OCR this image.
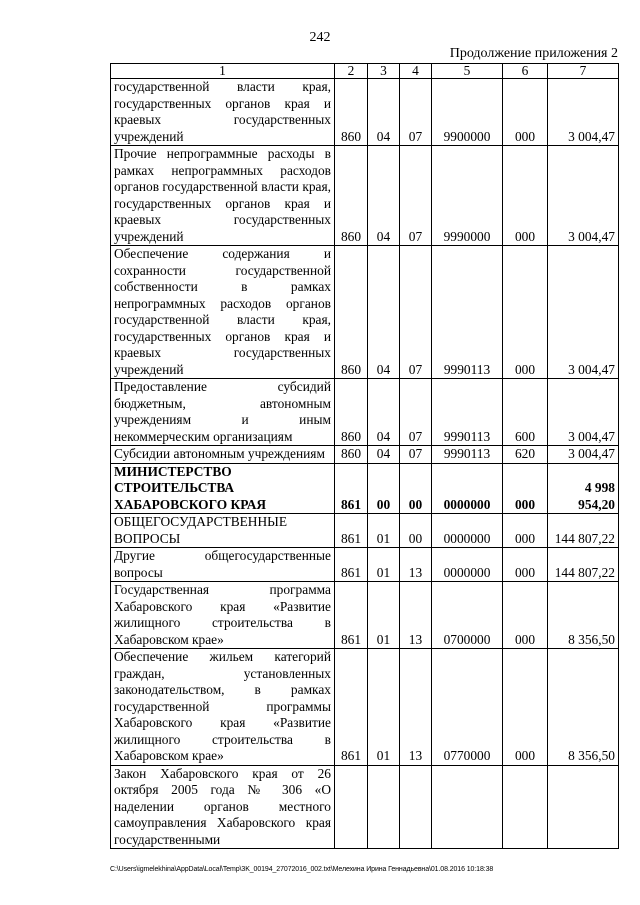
242
Продолжение приложения 2
1	2	3	4	5	6	7
государственной власти края, государственных органов края и краевых государственных учреждений	860	04	07	9900000	000	3 004,47
Прочие непрограммные расходы в рамках непрограммных расходов органов государственной власти края, государственных органов края и краевых государственных учреждений	860	04	07	9990000	000	3 004,47
Обеспечение содержания и сохранности государственной собственности в рамках непрограммных расходов органов государственной власти края, государственных органов края и краевых государственных учреждений	860	04	07	9990113	000	3 004,47
Предоставление субсидий бюджетным, автономным учреждениям и иным некоммерческим организациям	860	04	07	9990113	600	3 004,47
Субсидии автономным учреждениям	860	04	07	9990113	620	3 004,47
МИНИСТЕРСТВО СТРОИТЕЛЬСТВА ХАБАРОВСКОГО КРАЯ	861	00	00	0000000	000	4 998 954,20
ОБЩЕГОСУДАРСТВЕННЫЕ ВОПРОСЫ	861	01	00	0000000	000	144 807,22
Другие общегосударственные вопросы	861	01	13	0000000	000	144 807,22
Государственная программа Хабаровского края «Развитие жилищного строительства в Хабаровском крае»	861	01	13	0700000	000	8 356,50
Обеспечение жильем категорий граждан, установленных законодательством, в рамках государственной программы Хабаровского края «Развитие жилищного строительства в Хабаровском крае»	861	01	13	0770000	000	8 356,50
Закон Хабаровского края от 26 октября 2005 года № 306 «О наделении органов местного самоуправления Хабаровского края государственными						
C:\Users\igmelekhina\AppData\Local\Temp\3K_00194_27072016_002.txt\Мелехина Ирина Геннадьевна\01.08.2016 10:18:38
